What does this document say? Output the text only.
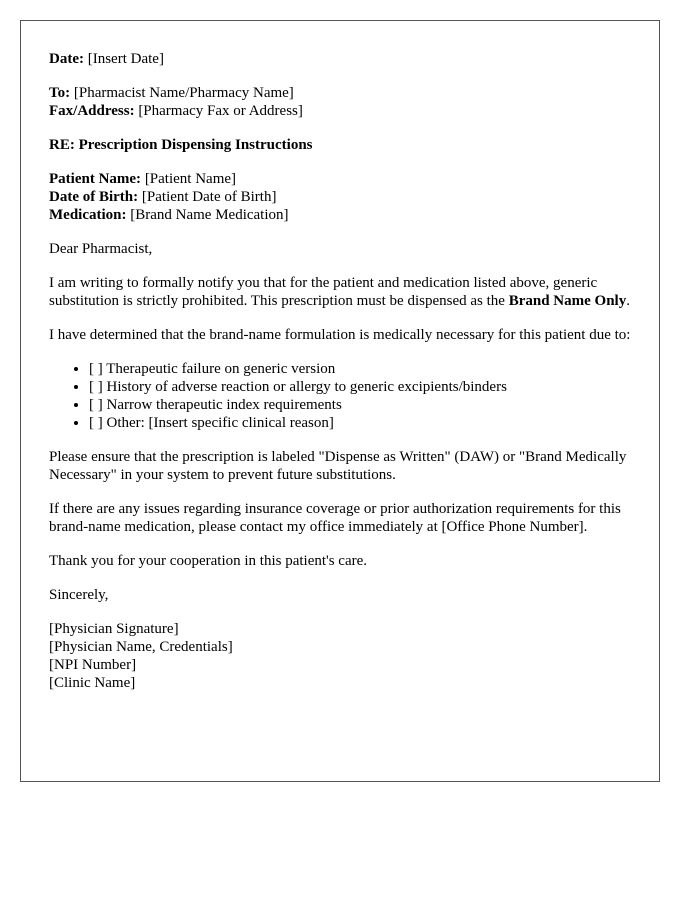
Date: [Insert Date]

To: [Pharmacist Name/Pharmacy Name]
Fax/Address: [Pharmacy Fax or Address]

RE: Prescription Dispensing Instructions

Patient Name: [Patient Name]
Date of Birth: [Patient Date of Birth]
Medication: [Brand Name Medication]

Dear Pharmacist,

I am writing to formally notify you that for the patient and medication listed above, generic substitution is strictly prohibited. This prescription must be dispensed as the Brand Name Only.

I have determined that the brand-name formulation is medically necessary for this patient due to:

• [ ] Therapeutic failure on generic version
• [ ] History of adverse reaction or allergy to generic excipients/binders
• [ ] Narrow therapeutic index requirements
• [ ] Other: [Insert specific clinical reason]

Please ensure that the prescription is labeled "Dispense as Written" (DAW) or "Brand Medically Necessary" in your system to prevent future substitutions.

If there are any issues regarding insurance coverage or prior authorization requirements for this brand-name medication, please contact my office immediately at [Office Phone Number].

Thank you for your cooperation in this patient's care.

Sincerely,

[Physician Signature]
[Physician Name, Credentials]
[NPI Number]
[Clinic Name]
